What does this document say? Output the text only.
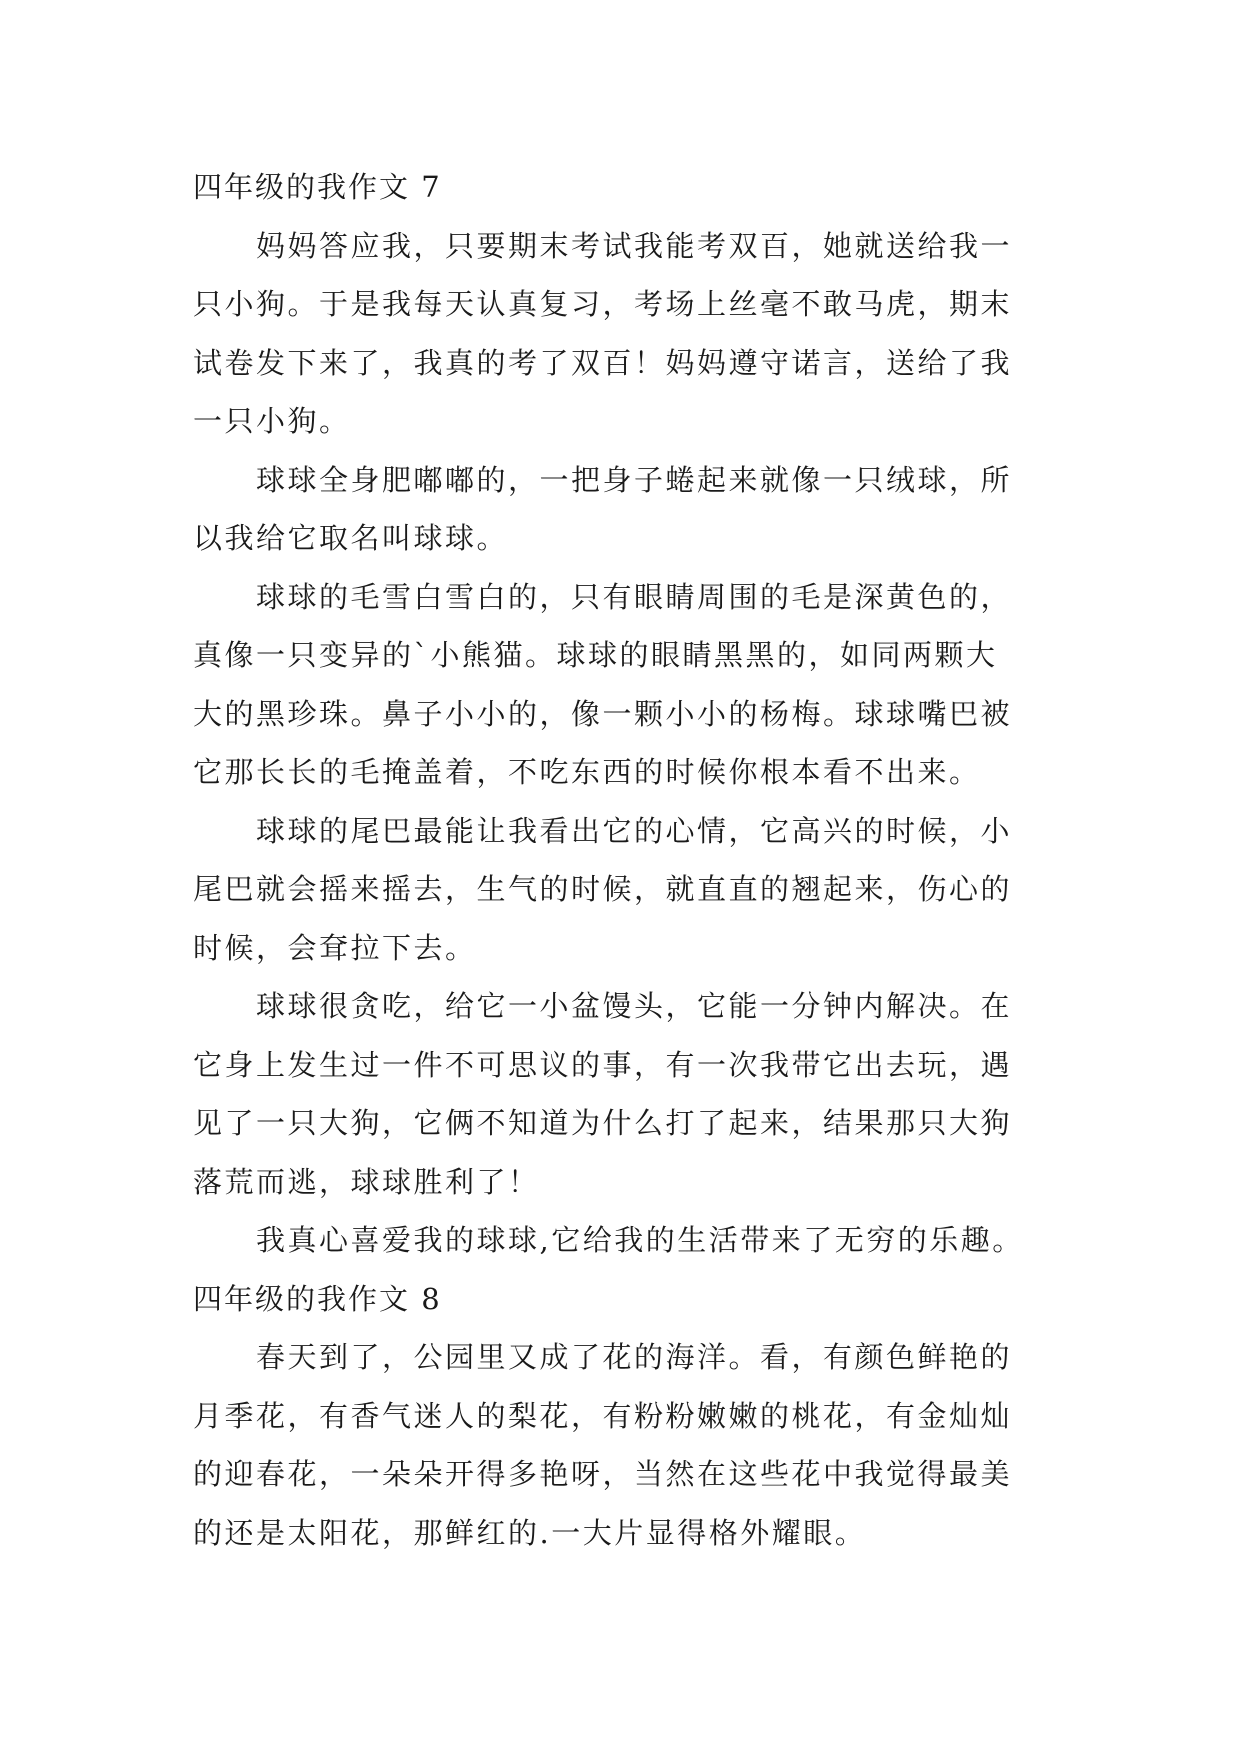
四年级的我作文 7
妈妈答应我，只要期末考试我能考双百，她就送给我一
只小狗。于是我每天认真复习，考场上丝毫不敢马虎，期末
试卷发下来了，我真的考了双百！妈妈遵守诺言，送给了我
一只小狗。
球球全身肥嘟嘟的，一把身子蜷起来就像一只绒球，所
以我给它取名叫球球。
球球的毛雪白雪白的，只有眼睛周围的毛是深黄色的，
真像一只变异的`小熊猫。球球的眼睛黑黑的，如同两颗大
大的黑珍珠。鼻子小小的，像一颗小小的杨梅。球球嘴巴被
它那长长的毛掩盖着，不吃东西的时候你根本看不出来。
球球的尾巴最能让我看出它的心情，它高兴的时候，小
尾巴就会摇来摇去，生气的时候，就直直的翘起来，伤心的
时候，会耷拉下去。
球球很贪吃，给它一小盆馒头，它能一分钟内解决。在
它身上发生过一件不可思议的事，有一次我带它出去玩，遇
见了一只大狗，它俩不知道为什么打了起来，结果那只大狗
落荒而逃，球球胜利了！
我真心喜爱我的球球,它给我的生活带来了无穷的乐趣。
四年级的我作文 8
春天到了，公园里又成了花的海洋。看，有颜色鲜艳的
月季花，有香气迷人的梨花，有粉粉嫩嫩的桃花，有金灿灿
的迎春花，一朵朵开得多艳呀，当然在这些花中我觉得最美
的还是太阳花，那鲜红的.一大片显得格外耀眼。
